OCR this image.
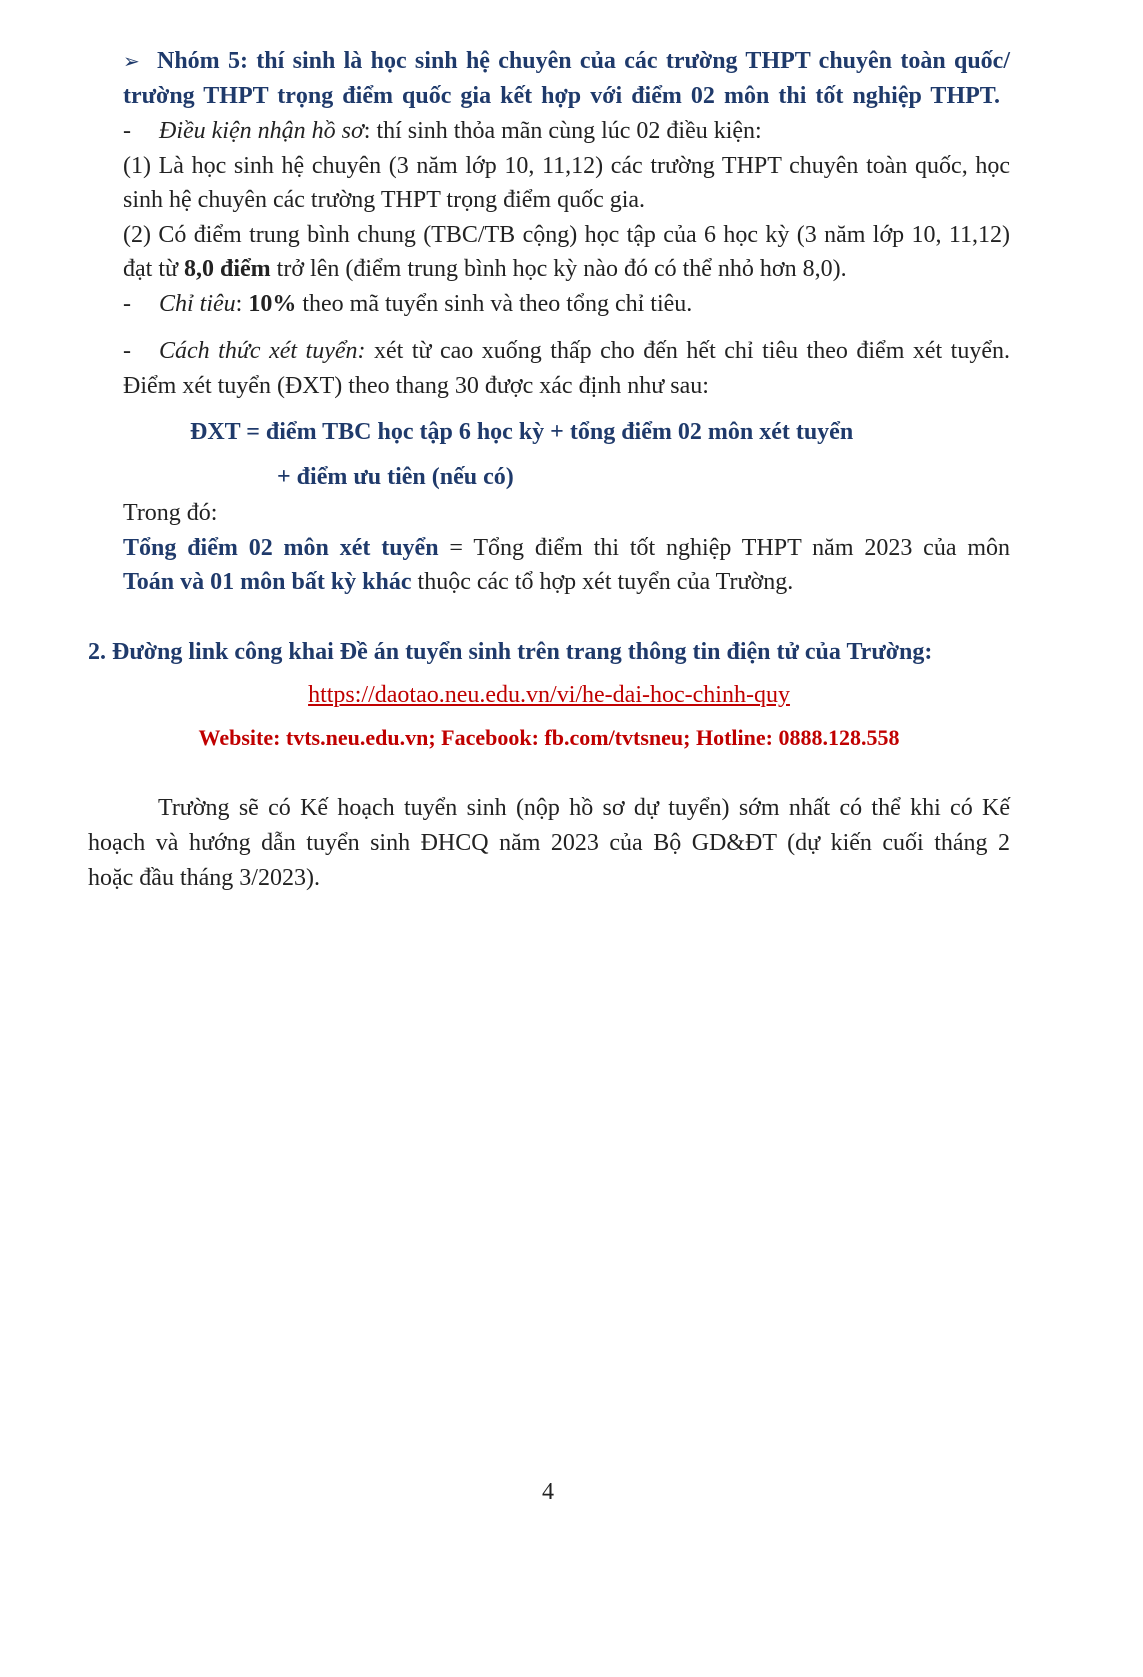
➢ Nhóm 5: thí sinh là học sinh hệ chuyên của các trường THPT chuyên toàn quốc/
trường THPT trọng điểm quốc gia kết hợp với điểm 02 môn thi tốt nghiệp THPT.
- Điều kiện nhận hồ sơ: thí sinh thỏa mãn cùng lúc 02 điều kiện:
(1) Là học sinh hệ chuyên (3 năm lớp 10, 11,12) các trường THPT chuyên toàn quốc, học
sinh hệ chuyên các trường THPT trọng điểm quốc gia.
(2) Có điểm trung bình chung (TBC/TB cộng) học tập của 6 học kỳ (3 năm lớp 10, 11,12)
đạt từ 8,0 điểm trở lên (điểm trung bình học kỳ nào đó có thể nhỏ hơn 8,0).
- Chỉ tiêu: 10% theo mã tuyển sinh và theo tổng chỉ tiêu.
- Cách thức xét tuyển: xét từ cao xuống thấp cho đến hết chỉ tiêu theo điểm xét tuyển.
Điểm xét tuyển (ĐXT) theo thang 30 được xác định như sau:
ĐXT = điểm TBC học tập 6 học kỳ + tổng điểm 02 môn xét tuyển
+ điểm ưu tiên (nếu có)
Trong đó:
Tổng điểm 02 môn xét tuyển = Tổng điểm thi tốt nghiệp THPT năm 2023 của môn
Toán và 01 môn bất kỳ khác thuộc các tổ hợp xét tuyển của Trường.
2. Đường link công khai Đề án tuyển sinh trên trang thông tin điện tử của Trường:
https://daotao.neu.edu.vn/vi/he-dai-hoc-chinh-quy
Website: tvts.neu.edu.vn; Facebook: fb.com/tvtsneu; Hotline: 0888.128.558
Trường sẽ có Kế hoạch tuyển sinh (nộp hồ sơ dự tuyển) sớm nhất có thể khi có Kế
hoạch và hướng dẫn tuyển sinh ĐHCQ năm 2023 của Bộ GD&ĐT (dự kiến cuối tháng 2
hoặc đầu tháng 3/2023).
4
